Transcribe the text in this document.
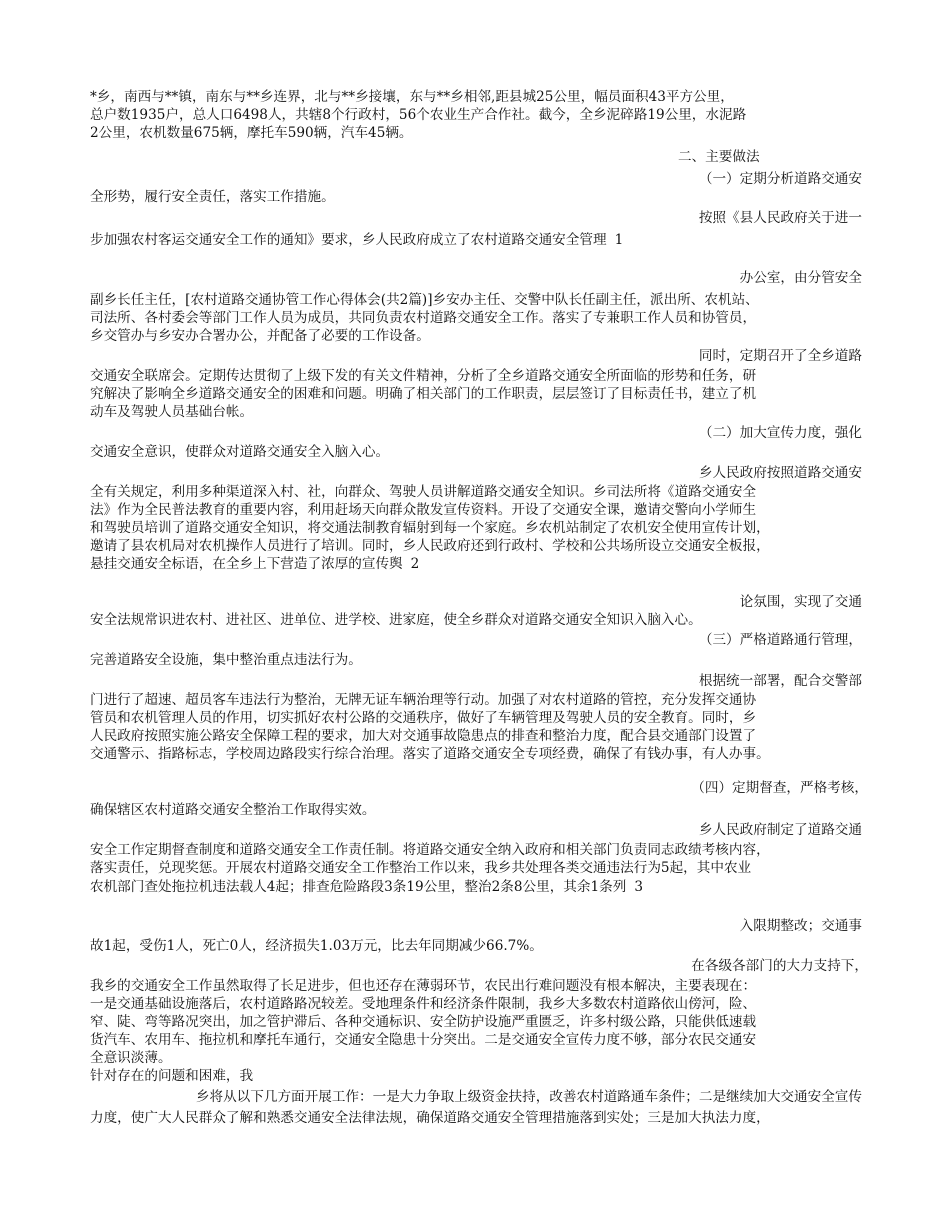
*乡，南西与**镇，南东与**乡连界，北与**乡接壤，东与**乡相邻,距县城25公里，幅员面积43平方公里，
总户数1935户，总人口6498人，共辖8个行政村，56个农业生产合作社。截今，全乡泥碎路19公里，水泥路
2公里，农机数量675辆，摩托车590辆，汽车45辆。
二、主要做法
（一）定期分析道路交通安
全形势，履行安全责任，落实工作措施。
按照《县人民政府关于进一
步加强农村客运交通安全工作的通知》要求，乡人民政府成立了农村道路交通安全管理 1
办公室，由分管安全
副乡长任主任，[农村道路交通协管工作心得体会(共2篇)]乡安办主任、交警中队长任副主任，派出所、农机站、
司法所、各村委会等部门工作人员为成员，共同负责农村道路交通安全工作。落实了专兼职工作人员和协管员，
乡交管办与乡安办合署办公，并配备了必要的工作设备。
同时，定期召开了全乡道路
交通安全联席会。定期传达贯彻了上级下发的有关文件精神，分析了全乡道路交通安全所面临的形势和任务，研
究解决了影响全乡道路交通安全的困难和问题。明确了相关部门的工作职责，层层签订了目标责任书，建立了机
动车及驾驶人员基础台帐。
（二）加大宣传力度，强化
交通安全意识，使群众对道路交通安全入脑入心。
乡人民政府按照道路交通安
全有关规定，利用多种渠道深入村、社，向群众、驾驶人员讲解道路交通安全知识。乡司法所将《道路交通安全
法》作为全民普法教育的重要内容，利用赶场天向群众散发宣传资料。开设了交通安全课，邀请交警向小学师生
和驾驶员培训了道路交通安全知识，将交通法制教育辐射到每一个家庭。乡农机站制定了农机安全使用宣传计划，
邀请了县农机局对农机操作人员进行了培训。同时，乡人民政府还到行政村、学校和公共场所设立交通安全板报，
悬挂交通安全标语，在全乡上下营造了浓厚的宣传舆 2
论氛围，实现了交通
安全法规常识进农村、进社区、进单位、进学校、进家庭，使全乡群众对道路交通安全知识入脑入心。
（三）严格道路通行管理，
完善道路安全设施，集中整治重点违法行为。
根据统一部署，配合交警部
门进行了超速、超员客车违法行为整治，无牌无证车辆治理等行动。加强了对农村道路的管控，充分发挥交通协
管员和农机管理人员的作用，切实抓好农村公路的交通秩序，做好了车辆管理及驾驶人员的安全教育。同时，乡
人民政府按照实施公路安全保障工程的要求，加大对交通事故隐患点的排查和整治力度，配合县交通部门设置了
交通警示、指路标志，学校周边路段实行综合治理。落实了道路交通安全专项经费，确保了有钱办事，有人办事。
（四）定期督查，严格考核，
确保辖区农村道路交通安全整治工作取得实效。
乡人民政府制定了道路交通
安全工作定期督查制度和道路交通安全工作责任制。将道路交通安全纳入政府和相关部门负责同志政绩考核内容，
落实责任，兑现奖惩。开展农村道路交通安全工作整治工作以来，我乡共处理各类交通违法行为5起，其中农业
农机部门查处拖拉机违法载人4起；排查危险路段3条19公里，整治2条8公里，其余1条列 3
入限期整改；交通事
故1起，受伤1人，死亡0人，经济损失1.03万元，比去年同期减少66.7%。
在各级各部门的大力支持下，
我乡的交通安全工作虽然取得了长足进步，但也还存在薄弱环节，农民出行难问题没有根本解决，主要表现在：
一是交通基础设施落后，农村道路路况较差。受地理条件和经济条件限制，我乡大多数农村道路依山傍河，险、
窄、陡、弯等路况突出，加之管护滞后、各种交通标识、安全防护设施严重匮乏，许多村级公路，只能供低速载
货汽车、农用车、拖拉机和摩托车通行，交通安全隐患十分突出。二是交通安全宣传力度不够，部分农民交通安
全意识淡薄。
针对存在的问题和困难，我
乡将从以下几方面开展工作：一是大力争取上级资金扶持，改善农村道路通车条件；二是继续加大交通安全宣传
力度，使广大人民群众了解和熟悉交通安全法律法规，确保道路交通安全管理措施落到实处；三是加大执法力度，
